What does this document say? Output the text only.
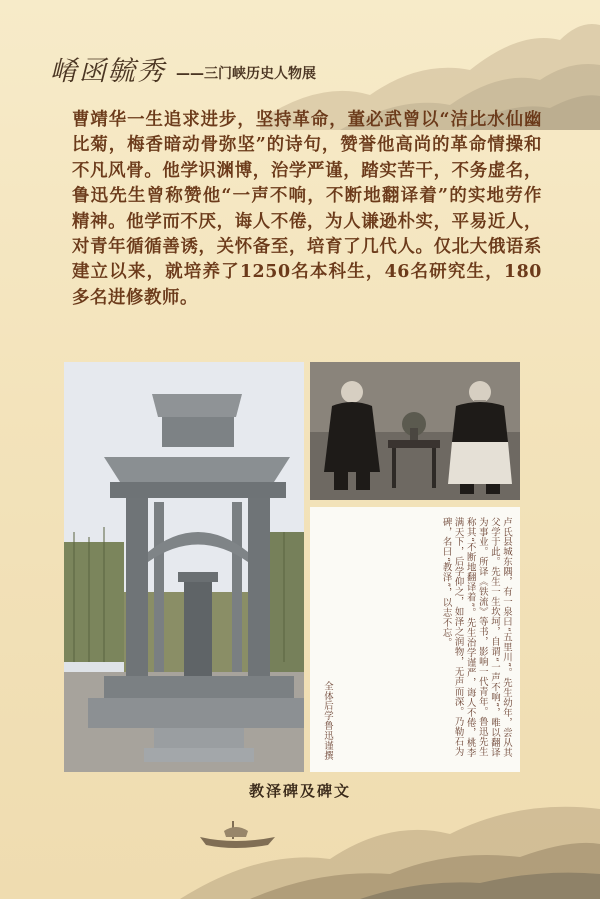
崤函毓秀 ——三门峡历史人物展
曹靖华一生追求进步，坚持革命，董必武曾以“洁比水仙幽比菊，梅香暗动骨弥坚”的诗句，赞誉他高尚的革命情操和不凡风骨。他学识渊博，治学严谨，踏实苦干，不务虚名，鲁迅先生曾称赞他“一声不响，不断地翻译着”的实地劳作精神。他学而不厌，诲人不倦，为人谦逊朴实，平易近人，对青年循循善诱，关怀备至，培育了几代人。仅北大俄语系建立以来，就培养了1250名本科生，46名研究生，180多名进修教师。
卢氏县城东隅，有一泉曰“五里川”。先生幼年，尝从其父学于此。先生一生坎坷，自谓“一声不响”，唯以翻译为事业。所译《铁流》等书，影响一代青年。鲁迅先生称其“不断地翻译着”。先生治学谨严，诲人不倦，桃李满天下，后学仰之，如泽之润物，无声而深。乃勒石为碑，名曰“教泽”，以志不忘。
全体后学鲁迅谨撰
教泽碑及碑文
